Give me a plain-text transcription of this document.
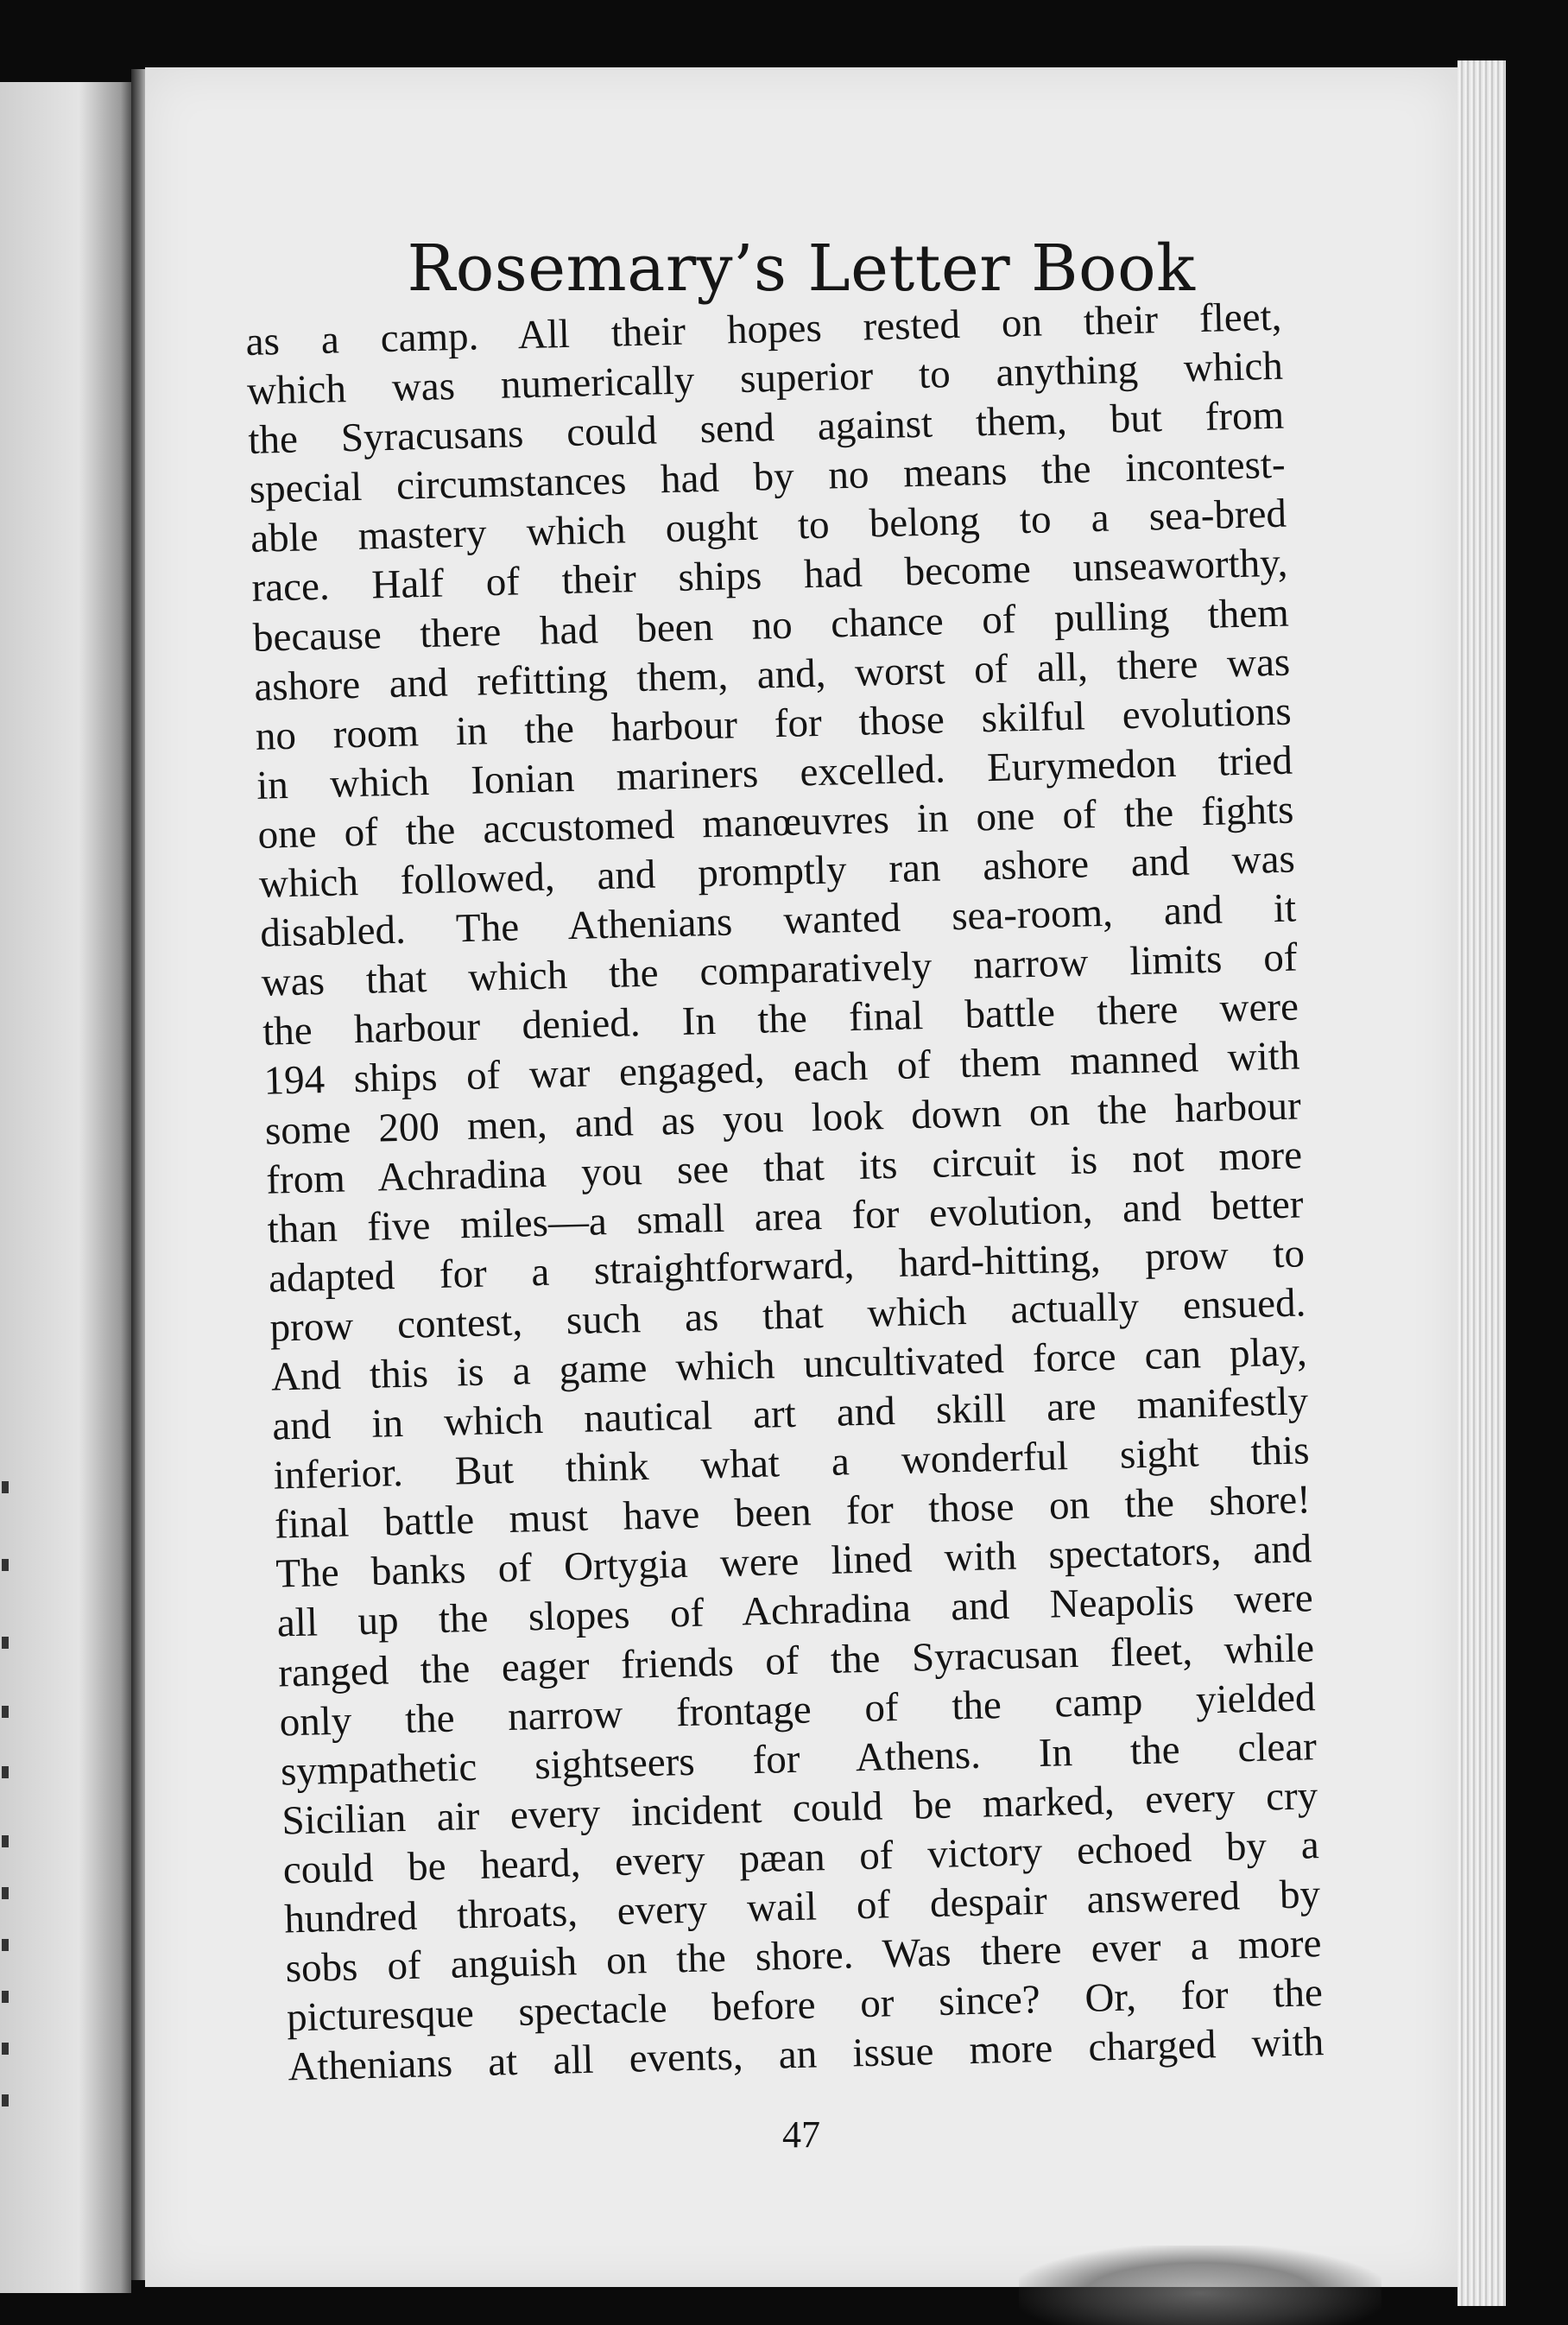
Rosemary’s Letter Book
as a camp. All their hopes rested on their fleet,
which was numerically superior to anything which
the Syracusans could send against them, but from
special circumstances had by no means the incontest-
able mastery which ought to belong to a sea-bred
race. Half of their ships had become unseaworthy,
because there had been no chance of pulling them
ashore and refitting them, and, worst of all, there was
no room in the harbour for those skilful evolutions
in which Ionian mariners excelled. Eurymedon tried
one of the accustomed manœuvres in one of the fights
which followed, and promptly ran ashore and was
disabled. The Athenians wanted sea-room, and it
was that which the comparatively narrow limits of
the harbour denied. In the final battle there were
194 ships of war engaged, each of them manned with
some 200 men, and as you look down on the harbour
from Achradina you see that its circuit is not more
than five miles—a small area for evolution, and better
adapted for a straightforward, hard-hitting, prow to
prow contest, such as that which actually ensued.
And this is a game which uncultivated force can play,
and in which nautical art and skill are manifestly
inferior. But think what a wonderful sight this
final battle must have been for those on the shore!
The banks of Ortygia were lined with spectators, and
all up the slopes of Achradina and Neapolis were
ranged the eager friends of the Syracusan fleet, while
only the narrow frontage of the camp yielded
sympathetic sightseers for Athens. In the clear
Sicilian air every incident could be marked, every cry
could be heard, every pæan of victory echoed by a
hundred throats, every wail of despair answered by
sobs of anguish on the shore. Was there ever a more
picturesque spectacle before or since? Or, for the
Athenians at all events, an issue more charged with
47
